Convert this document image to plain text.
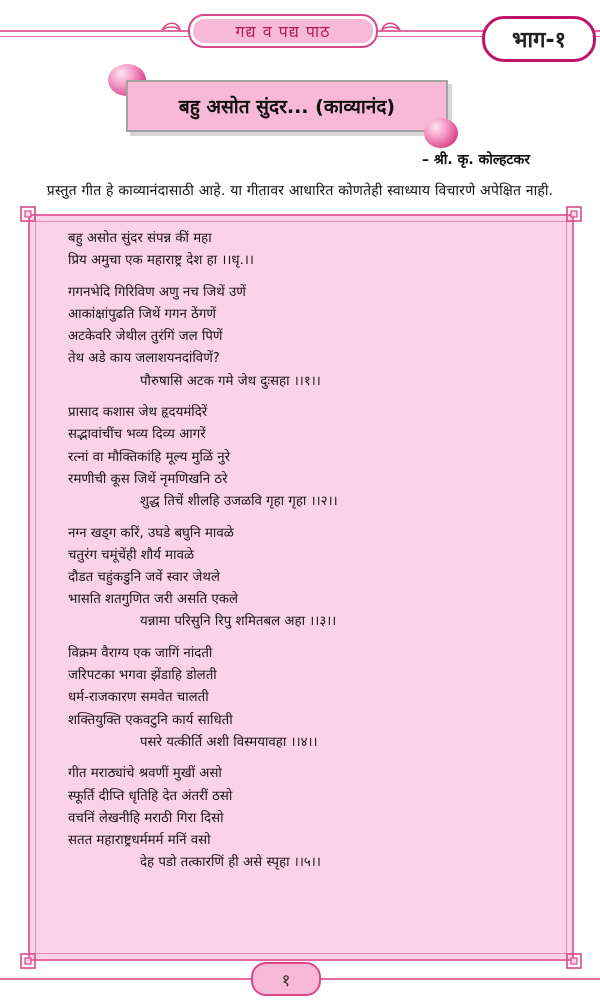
गद्य व पद्य पाठ	भाग-१
बहु असोत सुंदर... (काव्यानंद)
– श्री. कृ. कोल्हटकर
प्रस्तुत गीत हे काव्यानंदासाठी आहे. या गीतावर आधारित कोणतेही स्वाध्याय विचारणे अपेक्षित नाही.
बहु असोत सुंदर संपन्न कीं महा
प्रिय अमुचा एक महाराष्ट्र देश हा ।।धृ.।।
गगनभेदि गिरिविण अणु नच जिथें उणें
आकांक्षांपुढति जिथें गगन ठेंगणें
अटकेवरि जेथील तुरंगिं जल पिणें
तेथ अडे काय जलाशयनदांविणें?
पौरुषासि अटक गमे जेथ दुःसहा ।।१।।
प्रासाद कशास जेथ हृदयमंदिरें
सद्भावांचींच भव्य दिव्य आगरें
रत्नां वा मौक्तिकांहि मूल्य मुळिं नुरे
रमणीची कूस जिथें नृमणिखनि ठरे
शुद्ध तिचें शीलहि उजळवि गृहा गृहा ।।२।।
नग्न खड्ग करिं, उघडे बघुनि मावळे
चतुरंग चमूंचेंही शौर्य मावळे
दौडत चहुंकडुनि जवें स्वार जेथले
भासति शतगुणित जरी असति एकले
यन्नामा परिसुनि रिपु शमितबल अहा ।।३।।
विक्रम वैराग्य एक जागिं नांदती
जरिपटका भगवा झेंडाहि डोलती
धर्म-राजकारण समवेत चालती
शक्तियुक्ति एकवटुनि कार्य साधिती
पसरे यत्कीर्ति अशी विस्मयावहा ।।४।।
गीत मराठ्यांचे श्रवणीं मुखीं असो
स्फूर्ति दीप्ति धृतिहि देत अंतरीं ठसो
वचनिं लेखनीहि मराठी गिरा दिसो
सतत महाराष्ट्रधर्ममर्म मनिं वसो
देह पडो तत्कारणिं ही असे स्पृहा ।।५।।
१
